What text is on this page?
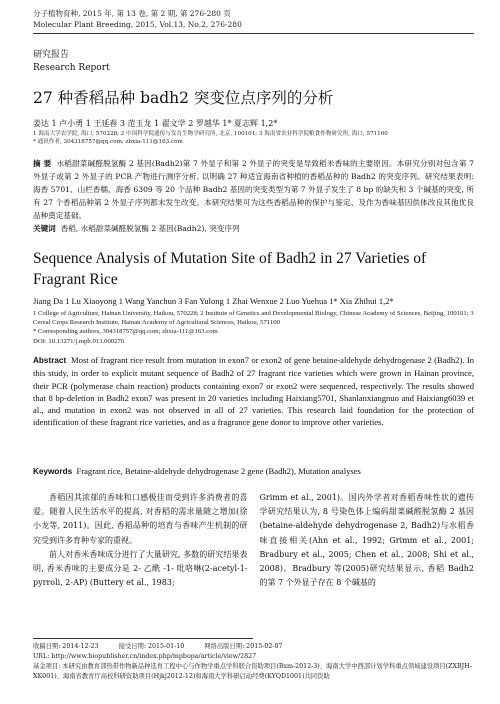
分子植物育种, 2015 年, 第 13 卷, 第 2 期, 第 276-280 页
Molecular Plant Breeding, 2015, Vol.13, No.2, 276-280
研究报告
Research Report
27 种香稻品种 badh2 突变位点序列的分析
姜达 1 卢小勇 1 王延春 3 范玉龙 1 翟文学 2 罗越华 1* 夏志辉 1,2*
1 海南大学农学院, 海口, 570228; 2 中国科学院遗传与发育生物学研究所, 北京, 100101; 3 海南省农业科学院粮食作物研究所, 海口, 571100
* 通讯作者, 304318757@qq.com; zhxia-111@163.com
摘 要 水稻甜菜碱醛脱氢酶 2 基因(Badh2)第 7 外显子和第 2 外显子的突变是导致稻米香味的主要原因。本研究分别对包含第 7 外显子或第 2 外显子的 PCR 产物进行测序分析, 以明确 27 种适宜海南省种植的香稻品种的 Badh2 的突变序列。研究结果表明: 海香 5701、山栏香糯、海香 6309 等 20 个品种 Badh2 基因的突变类型为第 7 外显子发生了 8 bp 的缺失和 3 个碱基的突变, 所有 27 个香稻品种第 2 外显子序列都未发生改变。本研究结果可为这些香稻品种的保护与鉴定、及作为香味基因供体改良其他优良品种奠定基础。
关键词 香稻, 水稻甜菜碱醛脱氢酶 2 基因(Badh2), 突变序列
Sequence Analysis of Mutation Site of Badh2 in 27 Varieties of Fragrant Rice
Jiang Da 1 Lu Xiaoyong 1 Wang Yanchun 3 Fan Yulong 1 Zhai Wenxue 2 Luo Yuehua 1* Xia Zhihui 1,2*
1 College of Agriculture, Hainan University, Haikou, 570228; 2 Institute of Genetics and Developmental Biology, Chinese Academy of Sciences, Beijing, 100101; 3 Cereal Crops Research Institute, Hainan Academy of Agricultural Sciences, Haikou, 571100
* Corresponding authors, 304318757@qq.com; zhxia-111@163.com
DOI: 10.13271/j.mpb.013.000276
Abstract Most of fragrant rice result from mutation in exon7 or exon2 of gene betaine-aldehyde dehydrogenase 2 (Badh2). In this study, in order to explicit mutant sequence of Badh2 of 27 fragrant rice varieties which were grown in Hainan province, their PCR (polymerase chain reaction) products containing exon7 or exon2 were sequenced, respectively. The results showed that 8 bp-deletion in Badh2 exon7 was present in 20 varieties including Haixiang5701, Shanlanxiangnuo and Haixiang6039 et al., and mutation in exon2 was not observed in all of 27 varieties. This research laid foundation for the protection of identification of these fragrant rice varieties, and as a fragrance gene donor to improve other varieties.
Keywords Fragrant rice, Betaine-aldehyde dehydrogenase 2 gene (Badh2), Mutation analyses

香稻因其浓郁的香味和口感极佳而受到许多消费者的喜爱。随着人民生活水平的提高, 对香稻的需求量随之增加(徐小龙等, 2011)。因此, 香稻品种的培育与香味产生机制的研究受到许多育种专家的重视。

前人对香米香味成分进行了大量研究, 多数的研究结果表明, 香米香味的主要成分是 2- 乙酰 -1- 吡咯啉(2-acetyl-1-pyrroli, 2-AP) (Buttery et al., 1983;

Grimm et al., 2001)。国内外学者对香稻香味性状的遗传学研究结果认为, 8 号染色体上编码甜菜碱醛脱氢酶 2 基因(betaine-aldehyde dehydrogenase 2, Badh2)与水稻香味直接相关(Ahn et al., 1992; Grimm et al., 2001; Bradbury et al., 2005; Chen et al., 2008; Shi et al., 2008)。Bradbury 等(2005)研究结果显示, 香稻 Badh2 的第 7 个外显子存在 8 个碱基的

收稿日期: 2014-12-23	接受日期: 2015-01-10	网络出版日期: 2015-02-07
URL: http://www.biopublisher.cn/index.php/mpbopa/article/view/2827
基金项目: 本研究由教育部热带作物新品种选育工程中心与作物学重点学科联合资助项目(Bxm-2012-3)、海南大学中西部计划学科重点领域建设项目(ZXBJH-XK001)、海南省教育厅高校科研资助项目(Hjkj2012-12)和海南大学科研启动经费(KYQD1001)共同资助
